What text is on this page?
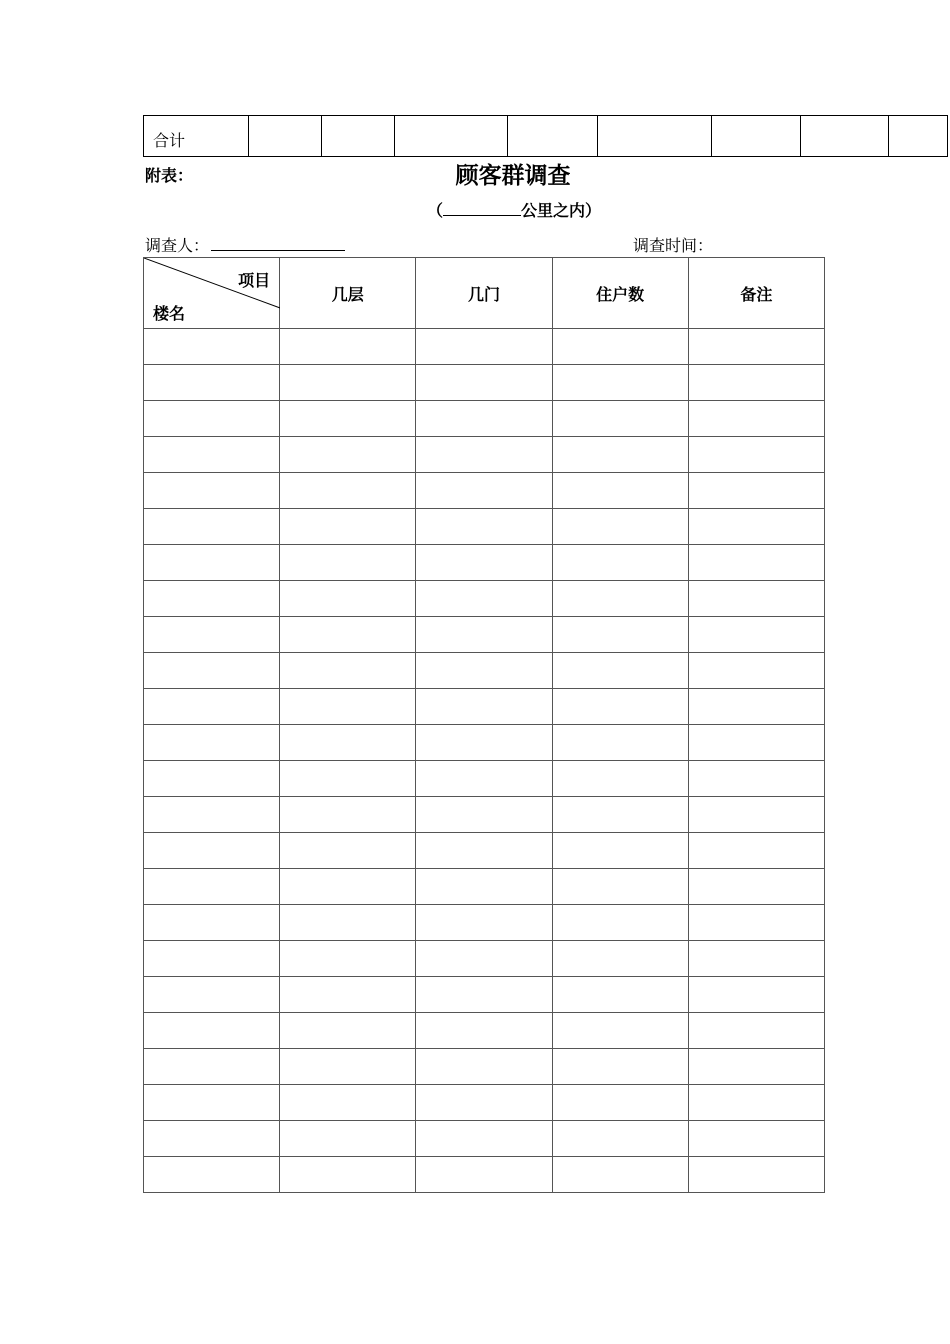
合计								
附表：	顾客群调查
（	公里之内）
调查人：	调查时间：
项目
楼名	几层	几门	住户数	备注
